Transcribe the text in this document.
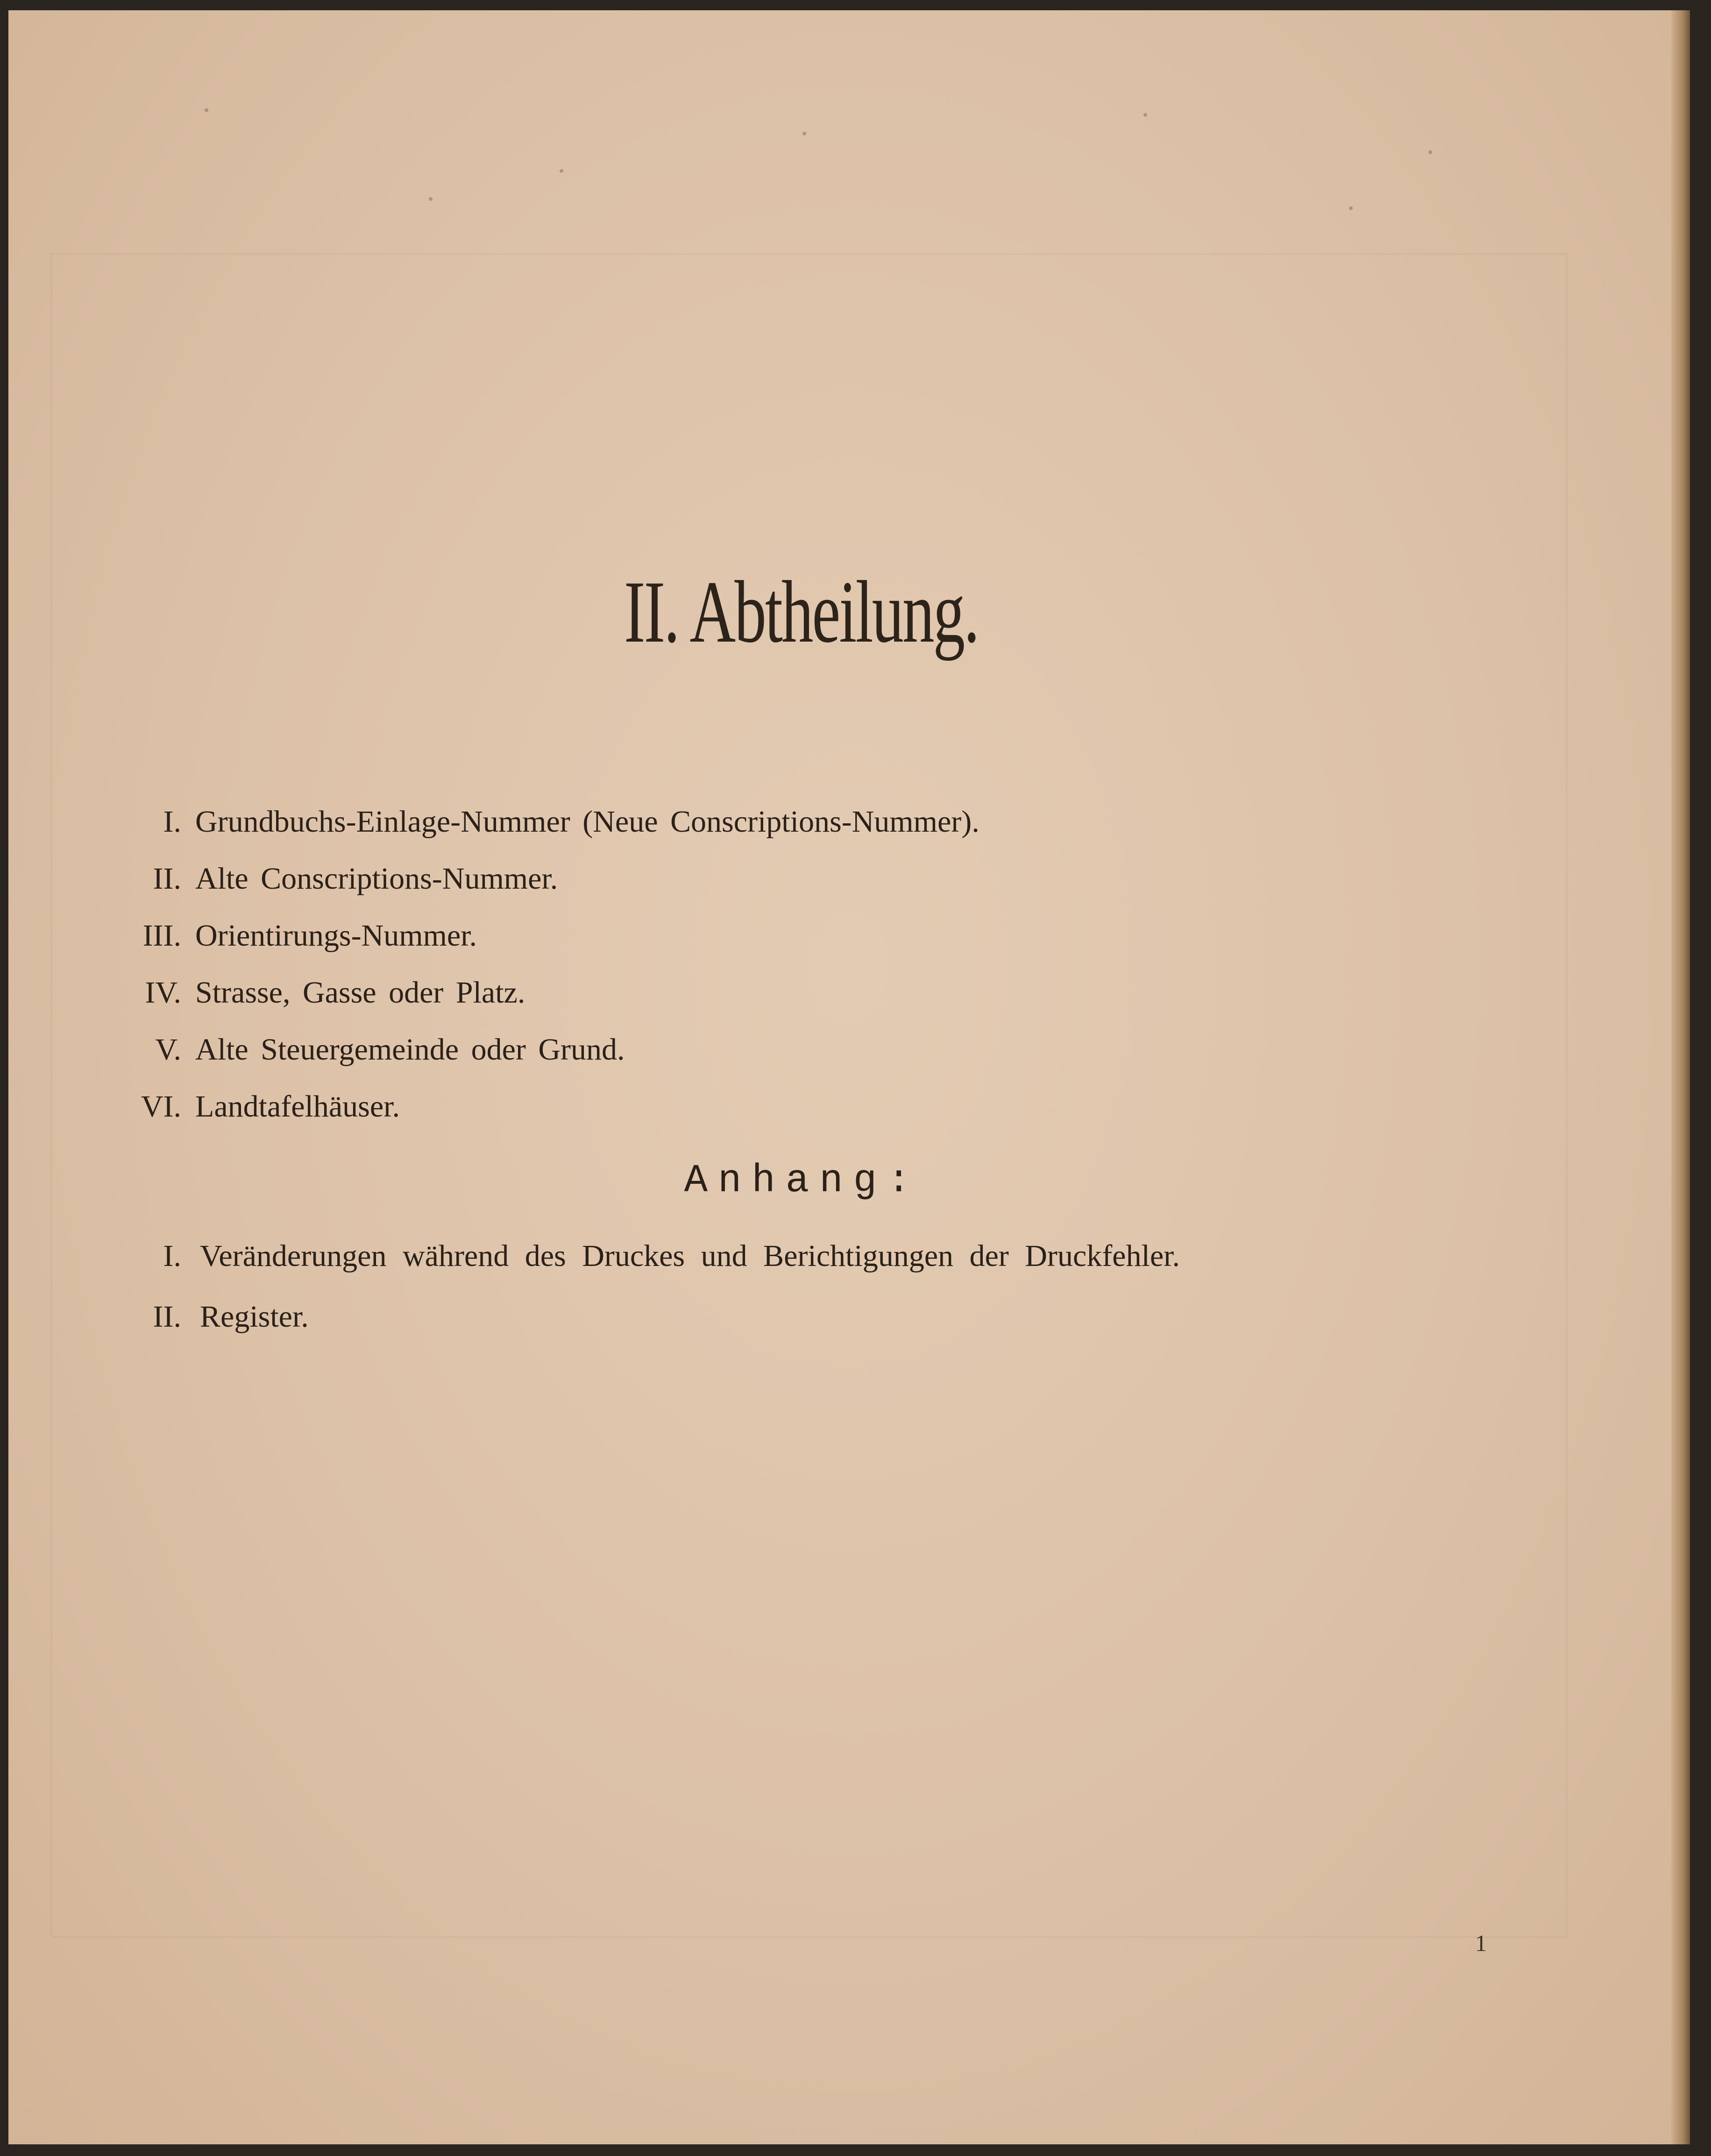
II. Abtheilung.
I. Grundbuchs-Einlage-Nummer (Neue Conscriptions-Nummer).
II. Alte Conscriptions-Nummer.
III. Orientirungs-Nummer.
IV. Strasse, Gasse oder Platz.
V. Alte Steuergemeinde oder Grund.
VI. Landtafelhäuser.
Anhang:
I. Veränderungen während des Druckes und Berichtigungen der Druckfehler.
II. Register.
1
